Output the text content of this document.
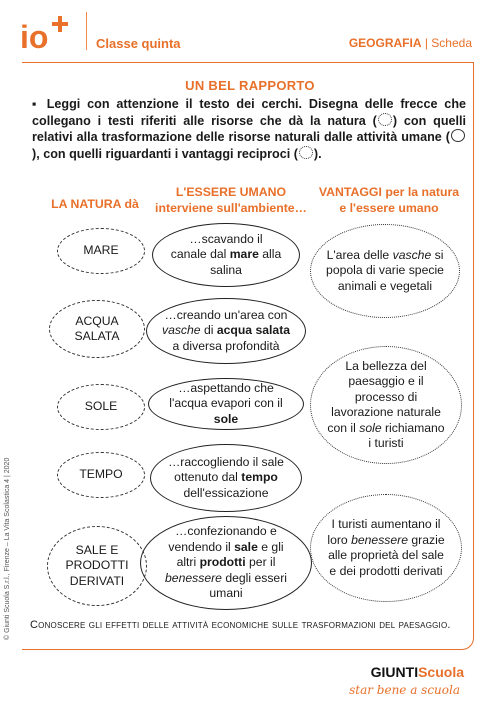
io	Classe quinta	GEOGRAFIA | Scheda
UN BEL RAPPORTO
▪ Leggi con attenzione il testo dei cerchi. Disegna delle frecce che collegano i testi riferiti alle risorse che dà la natura ( ) con quelli relativi alla trasformazione delle risorse naturali dalle attività umane (), con quelli riguardanti i vantaggi reciproci ( ).
LA NATURA dà
L'ESSERE UMANO
interviene sull'ambiente…
VANTAGGI per la natura
e l'essere umano
MARE
ACQUA SALATA
SOLE
TEMPO
SALE E PRODOTTI DERIVATI
…scavando il canale dal mare alla salina
…creando un'area con vasche di acqua salata a diversa profondità
…aspettando che l'acqua evapori con il sole
…raccogliendo il sale ottenuto dal tempo dell'essicazione
…confezionando e vendendo il sale e gli altri prodotti per il benessere degli esseri umani
L'area delle vasche si popola di varie specie animali e vegetali
La bellezza del paesaggio e il processo di lavorazione naturale con il sole richiamano i turisti
I turisti aumentano il loro benessere grazie alle proprietà del sale e dei prodotti derivati
Conoscere gli effetti delle attività economiche sulle trasformazioni del paesaggio.
© Giunti Scuola S.r.l., Firenze – La Vita Scolastica 4 | 2020
GIUNTIScuola
star bene a scuola
